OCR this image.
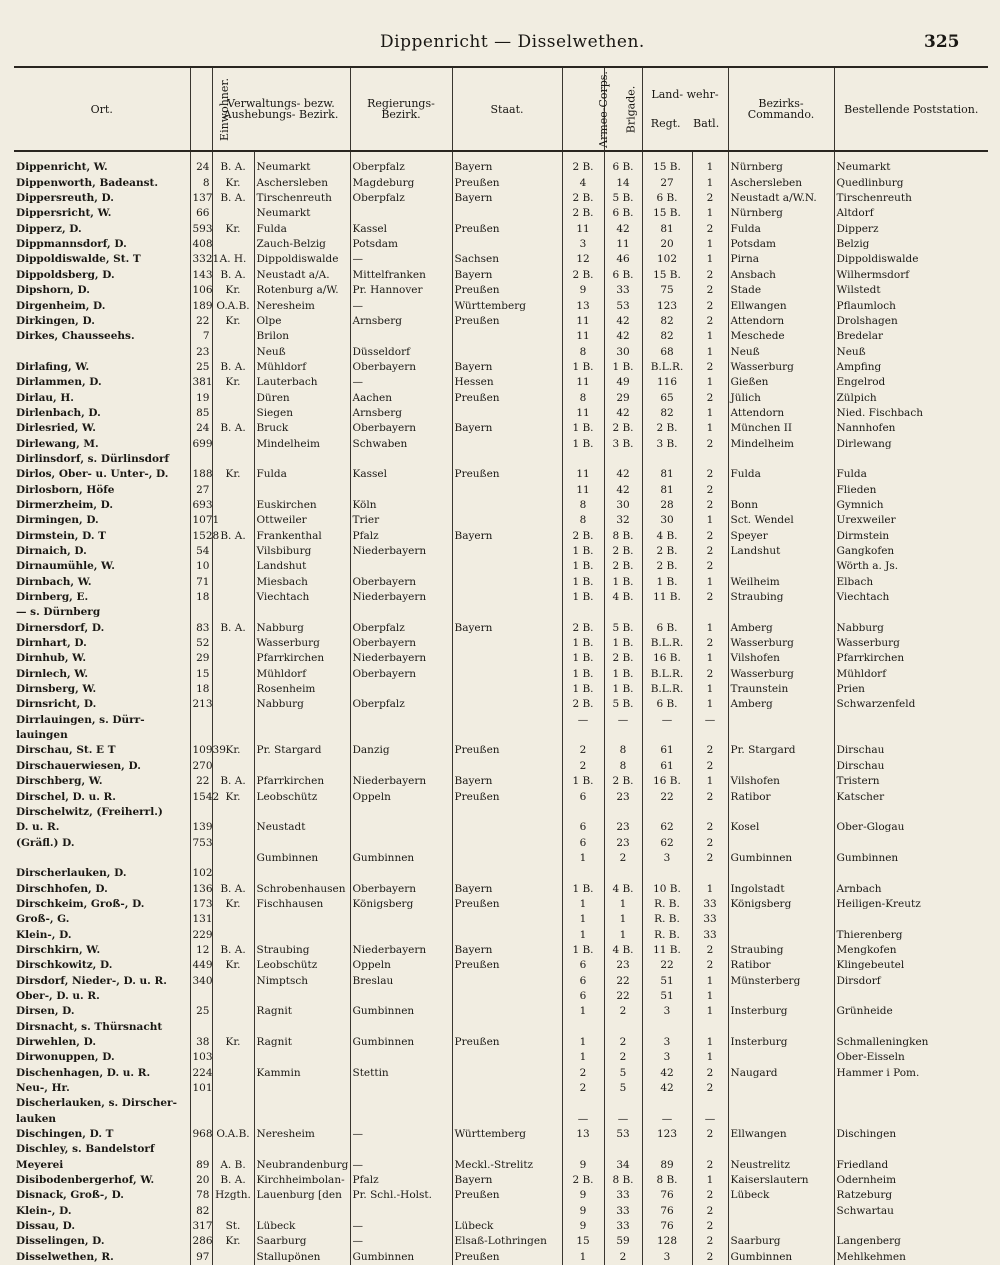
Dippenricht — Disselwethen.	325
Ort.	Einwohner.	Verwaltungs- bezw. Aushebungs- Bezirk.		Regierungs- Bezirk.	Staat.	Armee-Corps.	Brigade.	Land- wehr-
Regt. Batl.		Bezirks- Commando.	Bestellende Poststation.
Dippenricht, W.	24	B. A.	Neumarkt	Oberpfalz	Bayern	2 B.	6 B.	15 B.	1	Nürnberg	Neumarkt
Dippenworth, Badeanst.	8	Kr.	Aschersleben	Magdeburg	Preußen	4	14	27	1	Aschersleben	Quedlinburg
Dippersreuth, D.	137	B. A.	Tirschenreuth	Oberpfalz	Bayern	2 B.	5 B.	6 B.	2	Neustadt a/W.N.	Tirschenreuth
Dippersricht, W.	66		Neumarkt			2 B.	6 B.	15 B.	1	Nürnberg	Altdorf
Dipperz, D.	593	Kr.	Fulda	Kassel	Preußen	11	42	81	2	Fulda	Dipperz
Dippmannsdorf, D.	408		Zauch-Belzig	Potsdam		3	11	20	1	Potsdam	Belzig
Dippoldiswalde, St. T	3321	A. H.	Dippoldiswalde	—	Sachsen	12	46	102	1	Pirna	Dippoldiswalde
Dippoldsberg, D.	143	B. A.	Neustadt a/A.	Mittelfranken	Bayern	2 B.	6 B.	15 B.	2	Ansbach	Wilhermsdorf
Dipshorn, D.	106	Kr.	Rotenburg a/W.	Pr. Hannover	Preußen	9	33	75	2	Stade	Wilstedt
Dirgenheim, D.	189	O.A.B.	Neresheim	—	Württemberg	13	53	123	2	Ellwangen	Pflaumloch
Dirkingen, D.	22	Kr.	Olpe	Arnsberg	Preußen	11	42	82	2	Attendorn	Drolshagen
Dirkes, Chausseehs.	7		Brilon			11	42	82	1	Meschede	Bredelar
	23		Neuß	Düsseldorf		8	30	68	1	Neuß	Neuß
Dirlafing, W.	25	B. A.	Mühldorf	Oberbayern	Bayern	1 B.	1 B.	B.L.R.	2	Wasserburg	Ampfing
Dirlammen, D.	381	Kr.	Lauterbach	—	Hessen	11	49	116	1	Gießen	Engelrod
Dirlau, H.	19		Düren	Aachen	Preußen	8	29	65	2	Jülich	Zülpich
Dirlenbach, D.	85		Siegen	Arnsberg		11	42	82	1	Attendorn	Nied. Fischbach
Dirlesried, W.	24	B. A.	Bruck	Oberbayern	Bayern	1 B.	2 B.	2 B.	1	München II	Nannhofen
Dirlewang, M.	699		Mindelheim	Schwaben		1 B.	3 B.	3 B.	2	Mindelheim	Dirlewang
Dirlinsdorf, s. Dürlinsdorf											
Dirlos, Ober- u. Unter-, D.	188	Kr.	Fulda	Kassel	Preußen	11	42	81	2	Fulda	Fulda
Dirlosborn, Höfe	27					11	42	81	2		Flieden
Dirmerzheim, D.	693		Euskirchen	Köln		8	30	28	2	Bonn	Gymnich
Dirmingen, D.	1071		Ottweiler	Trier		8	32	30	1	Sct. Wendel	Urexweiler
Dirmstein, D. T	1528	B. A.	Frankenthal	Pfalz	Bayern	2 B.	8 B.	4 B.	2	Speyer	Dirmstein
Dirnaich, D.	54		Vilsbiburg	Niederbayern		1 B.	2 B.	2 B.	2	Landshut	Gangkofen
Dirnaumühle, W.	10		Landshut			1 B.	2 B.	2 B.	2		Wörth a. Js.
Dirnbach, W.	71		Miesbach	Oberbayern		1 B.	1 B.	1 B.	1	Weilheim	Elbach
Dirnberg, E.	18		Viechtach	Niederbayern		1 B.	4 B.	11 B.	2	Straubing	Viechtach
— s. Dürnberg											
Dirnersdorf, D.	83	B. A.	Nabburg	Oberpfalz	Bayern	2 B.	5 B.	6 B.	1	Amberg	Nabburg
Dirnhart, D.	52		Wasserburg	Oberbayern		1 B.	1 B.	B.L.R.	2	Wasserburg	Wasserburg
Dirnhub, W.	29		Pfarrkirchen	Niederbayern		1 B.	2 B.	16 B.	1	Vilshofen	Pfarrkirchen
Dirnlech, W.	15		Mühldorf	Oberbayern		1 B.	1 B.	B.L.R.	2	Wasserburg	Mühldorf
Dirnsberg, W.	18		Rosenheim			1 B.	1 B.	B.L.R.	1	Traunstein	Prien
Dirnsricht, D.	213		Nabburg	Oberpfalz		2 B.	5 B.	6 B.	1	Amberg	Schwarzenfeld
Dirrlauingen, s. Dürr-						—	—	—	—		
lauingen											
Dirschau, St. E T	10939	Kr.	Pr. Stargard	Danzig	Preußen	2	8	61	2	Pr. Stargard	Dirschau
Dirschauerwiesen, D.	270					2	8	61	2		Dirschau
Dirschberg, W.	22	B. A.	Pfarrkirchen	Niederbayern	Bayern	1 B.	2 B.	16 B.	1	Vilshofen	Tristern
Dirschel, D. u. R.	1542	Kr.	Leobschütz	Oppeln	Preußen	6	23	22	2	Ratibor	Katscher
Dirschelwitz, (Freiherrl.)											
D. u. R.	139		Neustadt			6	23	62	2	Kosel	Ober-Glogau
(Gräfl.) D.	753					6	23	62	2		
			Gumbinnen	Gumbinnen		1	2	3	2	Gumbinnen	Gumbinnen
Dirscherlauken, D.	102										
Dirschhofen, D.	136	B. A.	Schrobenhausen	Oberbayern	Bayern	1 B.	4 B.	10 B.	1	Ingolstadt	Arnbach
Dirschkeim, Groß-, D.	173	Kr.	Fischhausen	Königsberg	Preußen	1	1	R. B.	33	Königsberg	Heiligen-Kreutz
Groß-, G.	131					1	1	R. B.	33		
Klein-, D.	229					1	1	R. B.	33		Thierenberg
Dirschkirn, W.	12	B. A.	Straubing	Niederbayern	Bayern	1 B.	4 B.	11 B.	2	Straubing	Mengkofen
Dirschkowitz, D.	449	Kr.	Leobschütz	Oppeln	Preußen	6	23	22	2	Ratibor	Klingebeutel
Dirsdorf, Nieder-, D. u. R.	340		Nimptsch	Breslau		6	22	51	1	Münsterberg	Dirsdorf
Ober-, D. u. R.						6	22	51	1		
Dirsen, D.	25		Ragnit	Gumbinnen		1	2	3	1	Insterburg	Grünheide
Dirsnacht, s. Thürsnacht											
Dirwehlen, D.	38	Kr.	Ragnit	Gumbinnen	Preußen	1	2	3	1	Insterburg	Schmalleningken
Dirwonuppen, D.	103					1	2	3	1		Ober-Eisseln
Dischenhagen, D. u. R.	224		Kammin	Stettin		2	5	42	2	Naugard	Hammer i Pom.
Neu-, Hr.	101					2	5	42	2		
Discherlauken, s. Dirscher-											
lauken						—	—	—	—		
Dischingen, D. T	968	O.A.B.	Neresheim	—	Württemberg	13	53	123	2	Ellwangen	Dischingen
Dischley, s. Bandelstorf											
Meyerei	89	A. B.	Neubrandenburg	—	Meckl.-Strelitz	9	34	89	2	Neustrelitz	Friedland
Disibodenbergerhof, W.	20	B. A.	Kirchheimbolan-	Pfalz	Bayern	2 B.	8 B.	8 B.	1	Kaiserslautern	Odernheim
Disnack, Groß-, D.	78	Hzgth.	Lauenburg [den	Pr. Schl.-Holst.	Preußen	9	33	76	2	Lübeck	Ratzeburg
Klein-, D.	82					9	33	76	2		Schwartau
Dissau, D.	317	St.	Lübeck	—	Lübeck	9	33	76	2		
Disselingen, D.	286	Kr.	Saarburg	—	Elsaß-Lothringen	15	59	128	2	Saarburg	Langenberg
Disselwethen, R.	97		Stallupönen	Gumbinnen	Preußen	1	2	3	2	Gumbinnen	Mehlkehmen
